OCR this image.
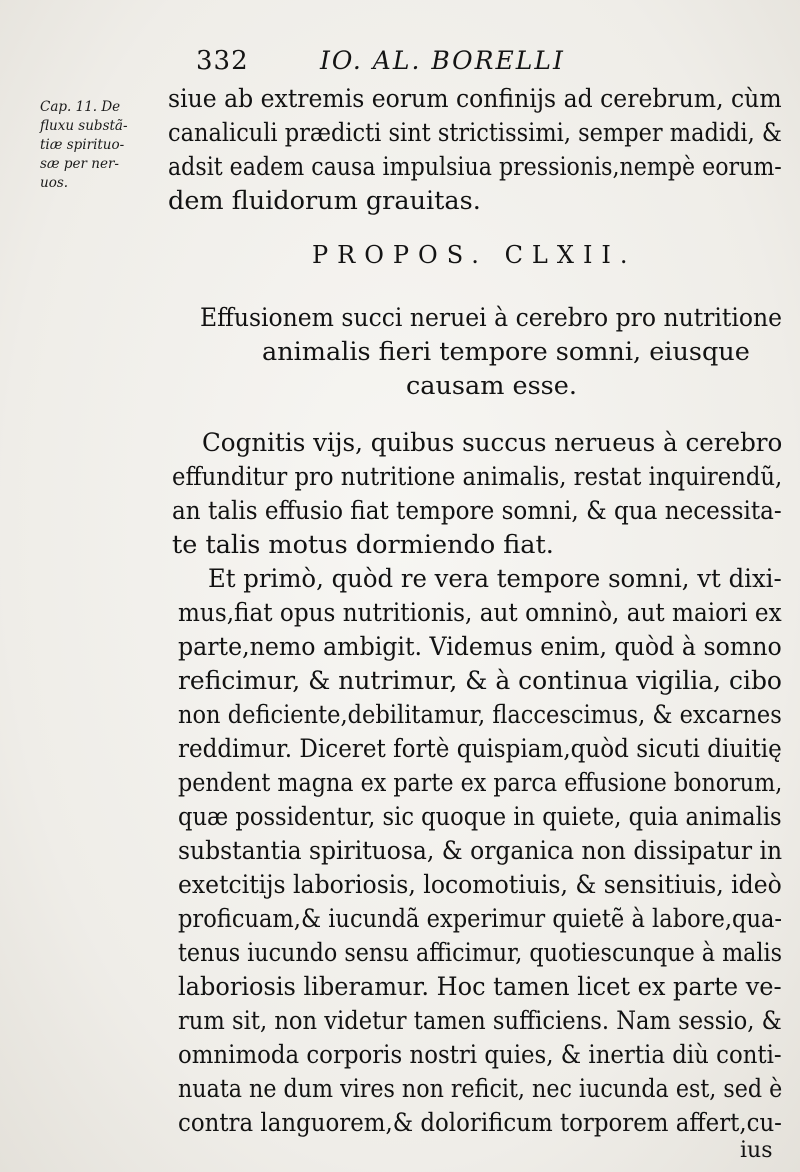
332	IO. AL. BORELLI
Cap. 11. De
fluxu substã-
tiæ spirituo-
sæ per ner-
uos.
siue ab extremis eorum confinijs ad cerebrum, cùm
canaliculi prædicti sint strictissimi, semper madidi, &
adsit eadem causa impulsiua pressionis,nempè eorum-
dem fluidorum grauitas.
PROPOS. CLXII.
Effusionem succi neruei à cerebro pro nutritione
animalis fieri tempore somni, eiusque
causam esse.
Cognitis vijs, quibus succus nerueus à cerebro
effunditur pro nutritione animalis, restat inquirendũ,
an talis effusio fiat tempore somni, & qua necessita-
te talis motus dormiendo fiat.
Et primò, quòd re vera tempore somni, vt dixi-
mus,fiat opus nutritionis, aut omninò, aut maiori ex
parte,nemo ambigit. Videmus enim, quòd à somno
reficimur, & nutrimur, & à continua vigilia, cibo
non deficiente,debilitamur, flaccescimus, & excarnes
reddimur. Diceret fortè quispiam,quòd sicuti diuitię
pendent magna ex parte ex parca effusione bonorum,
quæ possidentur, sic quoque in quiete, quia animalis
substantia spirituosa, & organica non dissipatur in
exetcitijs laboriosis, locomotiuis, & sensitiuis, ideò
proficuam,& iucundã experimur quietẽ à labore,qua-
tenus iucundo sensu afficimur, quotiescunque à malis
laboriosis liberamur. Hoc tamen licet ex parte ve-
rum sit, non videtur tamen sufficiens. Nam sessio, &
omnimoda corporis nostri quies, & inertia diù conti-
nuata ne dum vires non reficit, nec iucunda est, sed è
contra languorem,& dolorificum torporem affert,cu-
ius
